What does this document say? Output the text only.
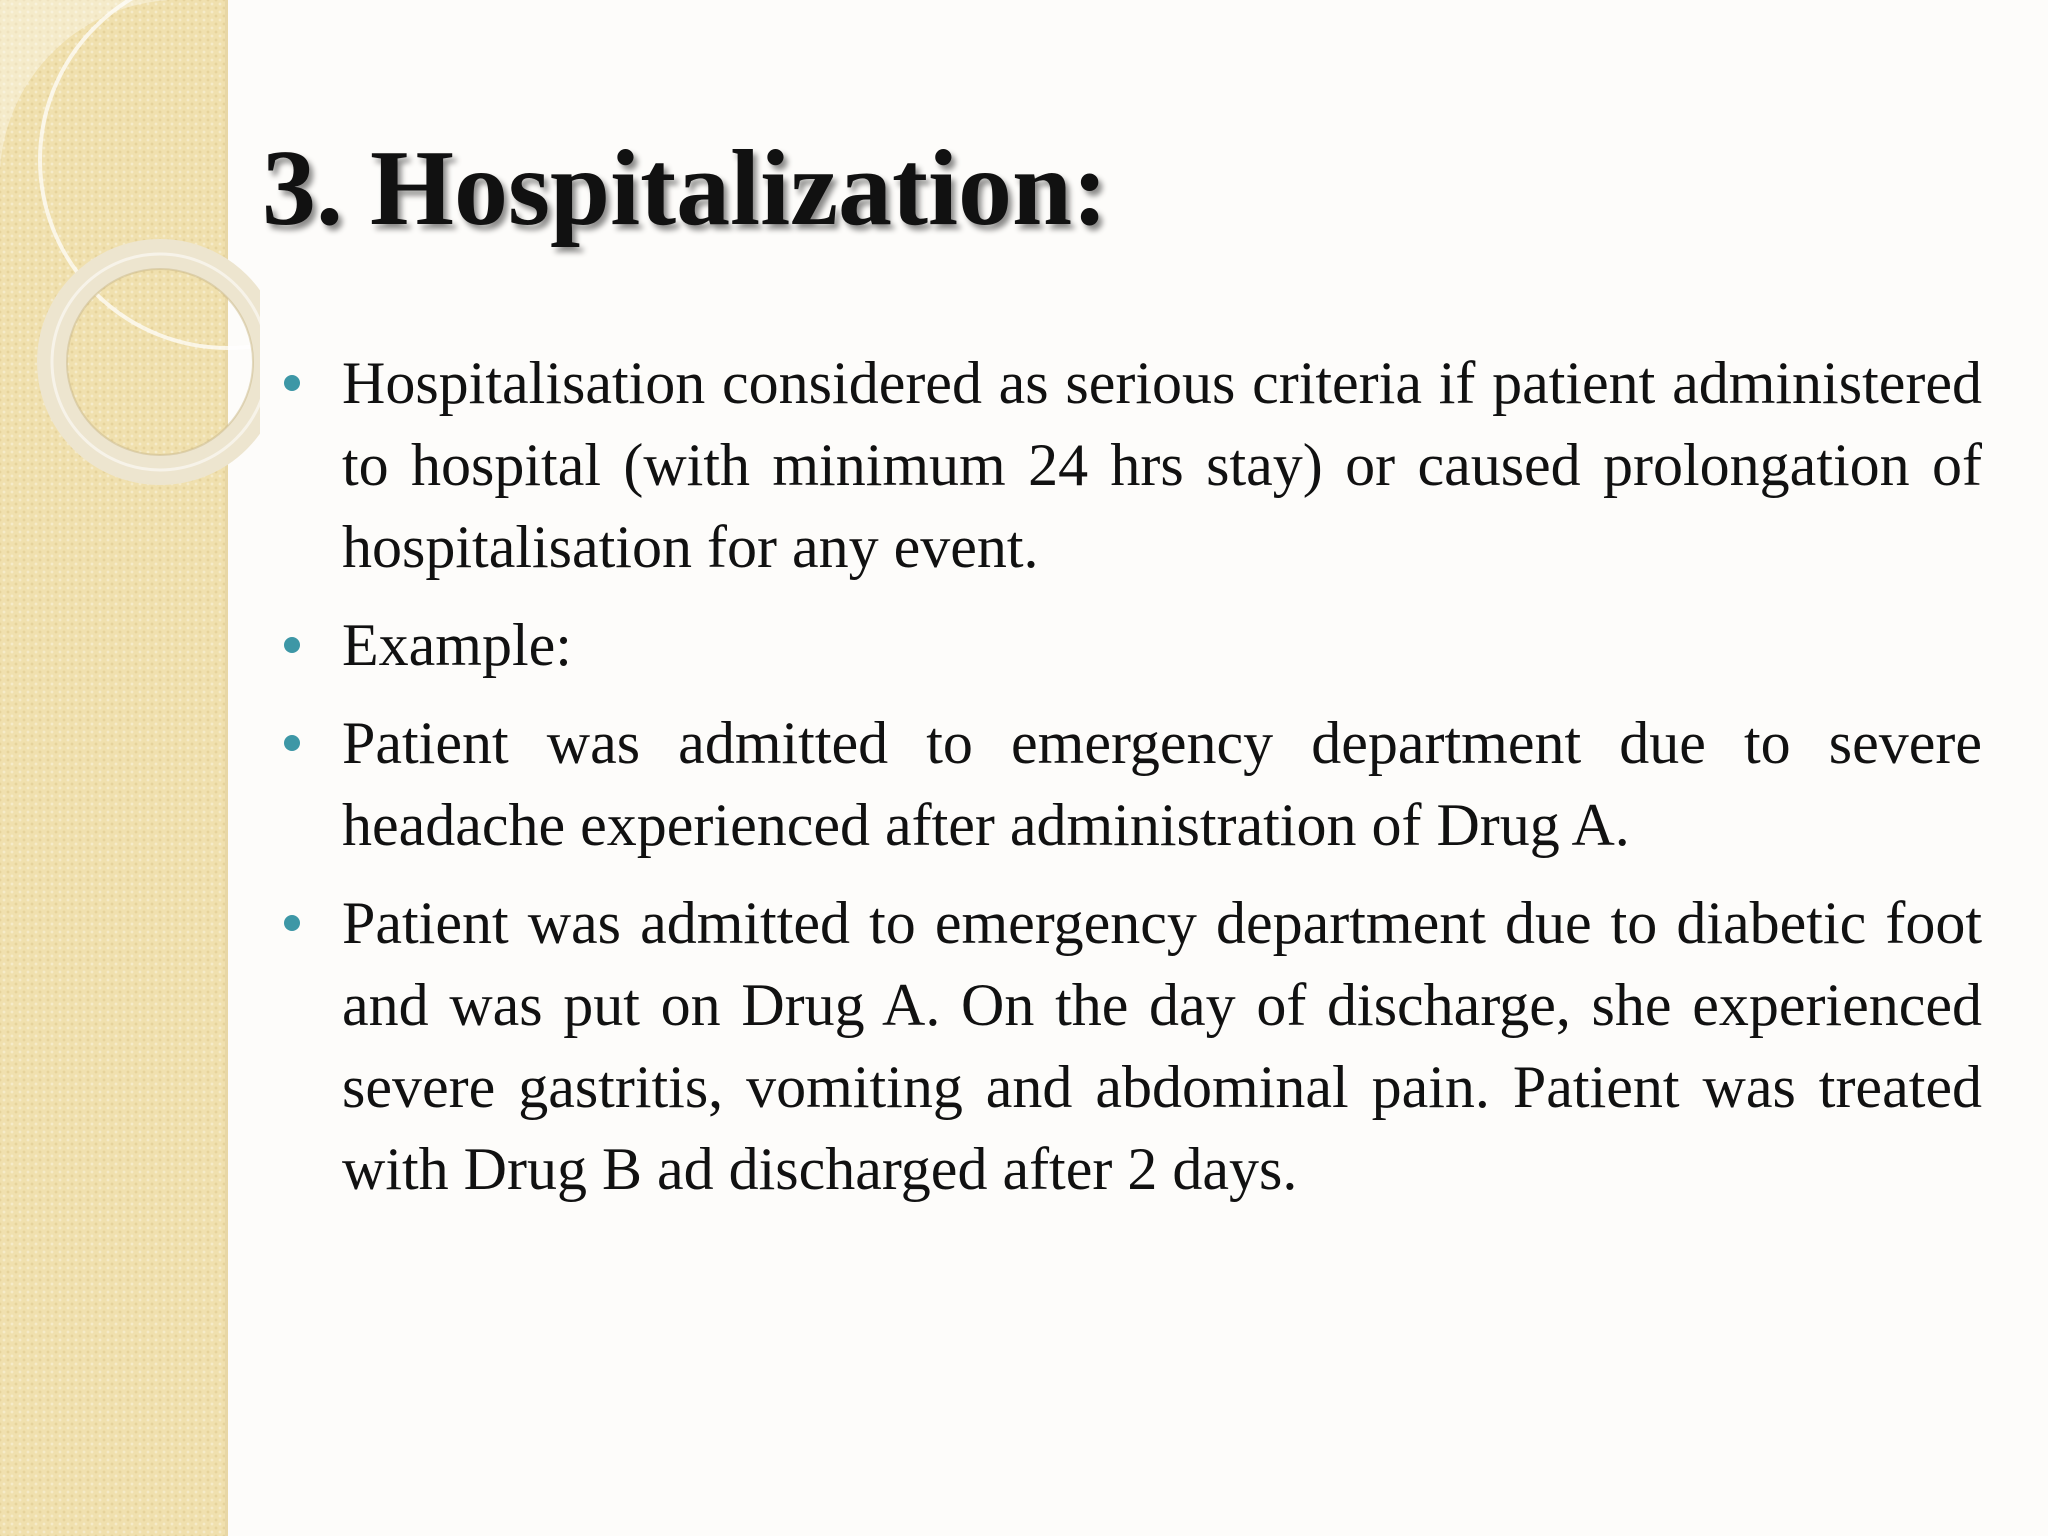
3. Hospitalization:
Hospitalisation considered as serious criteria if patient administered to hospital (with minimum 24 hrs stay) or caused prolongation of hospitalisation for any event.
Example:
Patient was admitted to emergency department due to severe headache experienced after administration of Drug A.
Patient was admitted to emergency department due to diabetic foot and was put on Drug A. On the day of discharge, she experienced severe gastritis, vomiting and abdominal pain. Patient was treated with Drug B ad discharged after 2 days.
